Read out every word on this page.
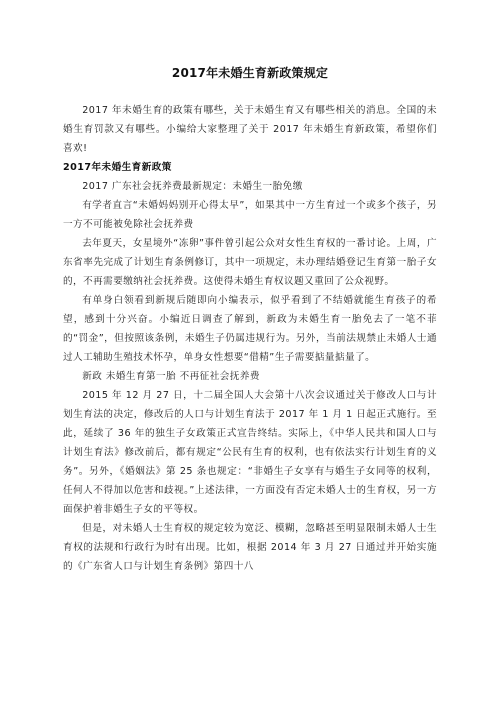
2017年未婚生育新政策规定

2017 年未婚生育的政策有哪些，关于未婚生育又有哪些相关的消息。全国的未婚生育罚款又有哪些。小编给大家整理了关于 2017 年未婚生育新政策，希望你们喜欢!

2017年未婚生育新政策

2017 广东社会抚养费最新规定：未婚生一胎免缴

有学者直言“未婚妈妈别开心得太早”，如果其中一方生育过一个或多个孩子，另一方不可能被免除社会抚养费

去年夏天，女星境外“冻卵”事件曾引起公众对女性生育权的一番讨论。上周，广东省率先完成了计划生育条例修订，其中一项规定，未办理结婚登记生育第一胎子女的，不再需要缴纳社会抚养费。这使得未婚生育权议题又重回了公众视野。

有单身白领看到新规后随即向小编表示，似乎看到了不结婚就能生育孩子的希望，感到十分兴奋。小编近日调查了解到，新政为未婚生育一胎免去了一笔不菲的“罚金”，但按照该条例，未婚生子仍属违规行为。另外，当前法规禁止未婚人士通过人工辅助生殖技术怀孕，单身女性想要“借精”生子需要掂量掂量了。

新政 未婚生育第一胎 不再征社会抚养费

2015 年 12 月 27 日，十二届全国人大会第十八次会议通过关于修改人口与计划生育法的决定，修改后的人口与计划生育法于 2017 年 1 月 1 日起正式施行。至此，延续了 36 年的独生子女政策正式宣告终结。实际上，《中华人民共和国人口与计划生育法》修改前后，都有规定“公民有生育的权利，也有依法实行计划生育的义务”。另外，《婚姻法》第 25 条也规定：“非婚生子女享有与婚生子女同等的权利，任何人不得加以危害和歧视。”上述法律，一方面没有否定未婚人士的生育权，另一方面保护着非婚生子女的平等权。

但是，对未婚人士生育权的规定较为宽泛、模糊，忽略甚至明显限制未婚人士生育权的法规和行政行为时有出现。比如，根据 2014 年 3 月 27 日通过并开始实施的《广东省人口与计划生育条例》第四十八
